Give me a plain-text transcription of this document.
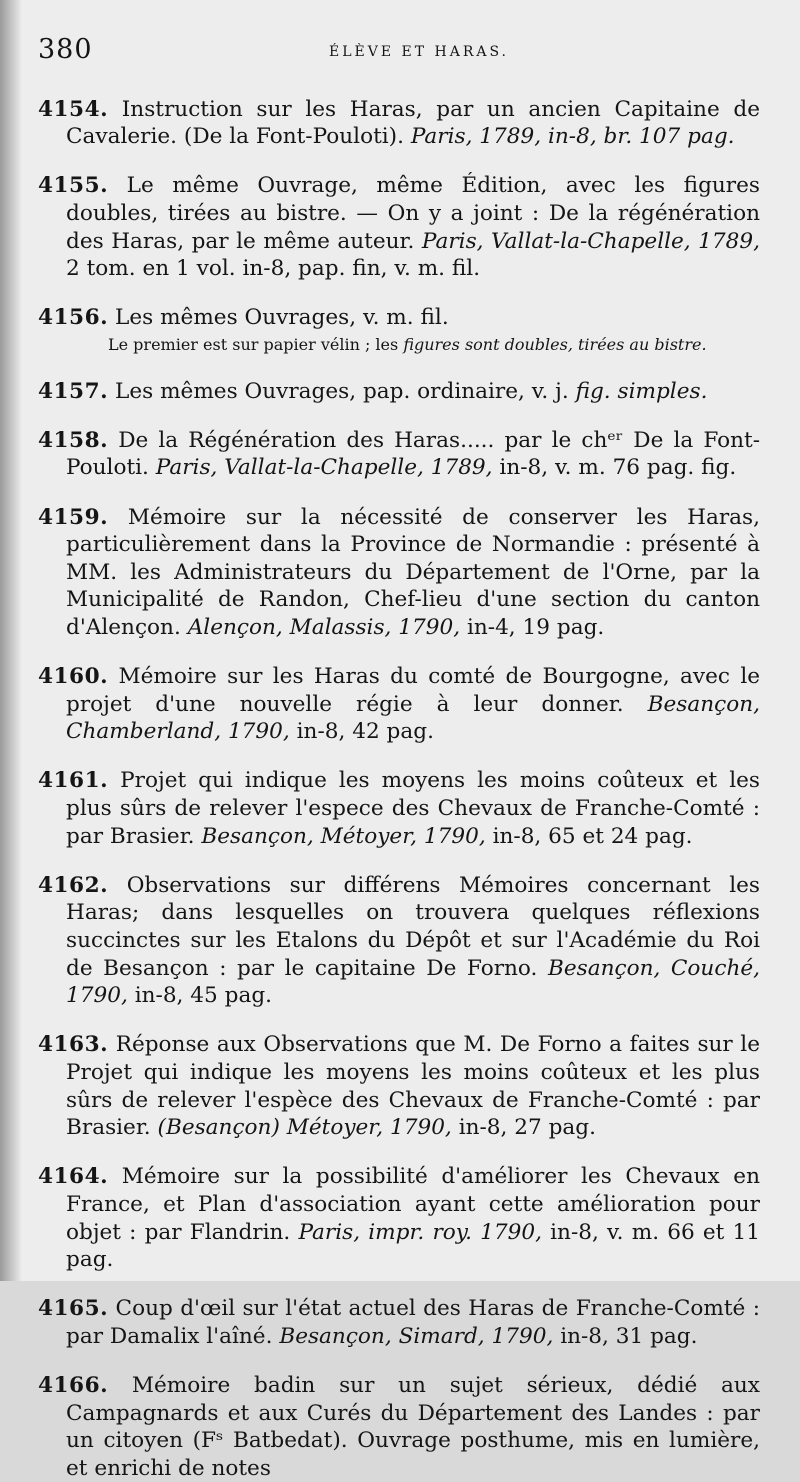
380	ÉLÈVE ET HARAS.

4154. Instruction sur les Haras, par un ancien Capitaine de Cavalerie. (De la Font-Pouloti). Paris, 1789, in-8, br. 107 pag.

4155. Le même Ouvrage, même Édition, avec les figures doubles, tirées au bistre. — On y a joint : De la régénération des Haras, par le même auteur. Paris, Vallat-la-Chapelle, 1789, 2 tom. en 1 vol. in-8, pap. fin, v. m. fil.

4156. Les mêmes Ouvrages, v. m. fil.

Le premier est sur papier vélin ; les figures sont doubles, tirées au bistre.

4157. Les mêmes Ouvrages, pap. ordinaire, v. j. fig. simples.

4158. De la Régénération des Haras..... par le chᵉʳ De la Font-Pouloti. Paris, Vallat-la-Chapelle, 1789, in-8, v. m. 76 pag. fig.

4159. Mémoire sur la nécessité de conserver les Haras, particulièrement dans la Province de Normandie : présenté à MM. les Administrateurs du Département de l'Orne, par la Municipalité de Randon, Chef-lieu d'une section du canton d'Alençon. Alençon, Malassis, 1790, in-4, 19 pag.

4160. Mémoire sur les Haras du comté de Bourgogne, avec le projet d'une nouvelle régie à leur donner. Besançon, Chamberland, 1790, in-8, 42 pag.

4161. Projet qui indique les moyens les moins coûteux et les plus sûrs de relever l'espece des Chevaux de Franche-Comté : par Brasier. Besançon, Métoyer, 1790, in-8, 65 et 24 pag.

4162. Observations sur différens Mémoires concernant les Haras; dans lesquelles on trouvera quelques réflexions succinctes sur les Etalons du Dépôt et sur l'Académie du Roi de Besançon : par le capitaine De Forno. Besançon, Couché, 1790, in-8, 45 pag.

4163. Réponse aux Observations que M. De Forno a faites sur le Projet qui indique les moyens les moins coûteux et les plus sûrs de relever l'espèce des Chevaux de Franche-Comté : par Brasier. (Besançon) Métoyer, 1790, in-8, 27 pag.

4164. Mémoire sur la possibilité d'améliorer les Chevaux en France, et Plan d'association ayant cette amélioration pour objet : par Flandrin. Paris, impr. roy. 1790, in-8, v. m. 66 et 11 pag.

4165. Coup d'œil sur l'état actuel des Haras de Franche-Comté : par Damalix l'aîné. Besançon, Simard, 1790, in-8, 31 pag.

4166. Mémoire badin sur un sujet sérieux, dédié aux Campagnards et aux Curés du Département des Landes : par un citoyen (Fˢ Batbedat). Ouvrage posthume, mis en lumière, et enrichi de notes
